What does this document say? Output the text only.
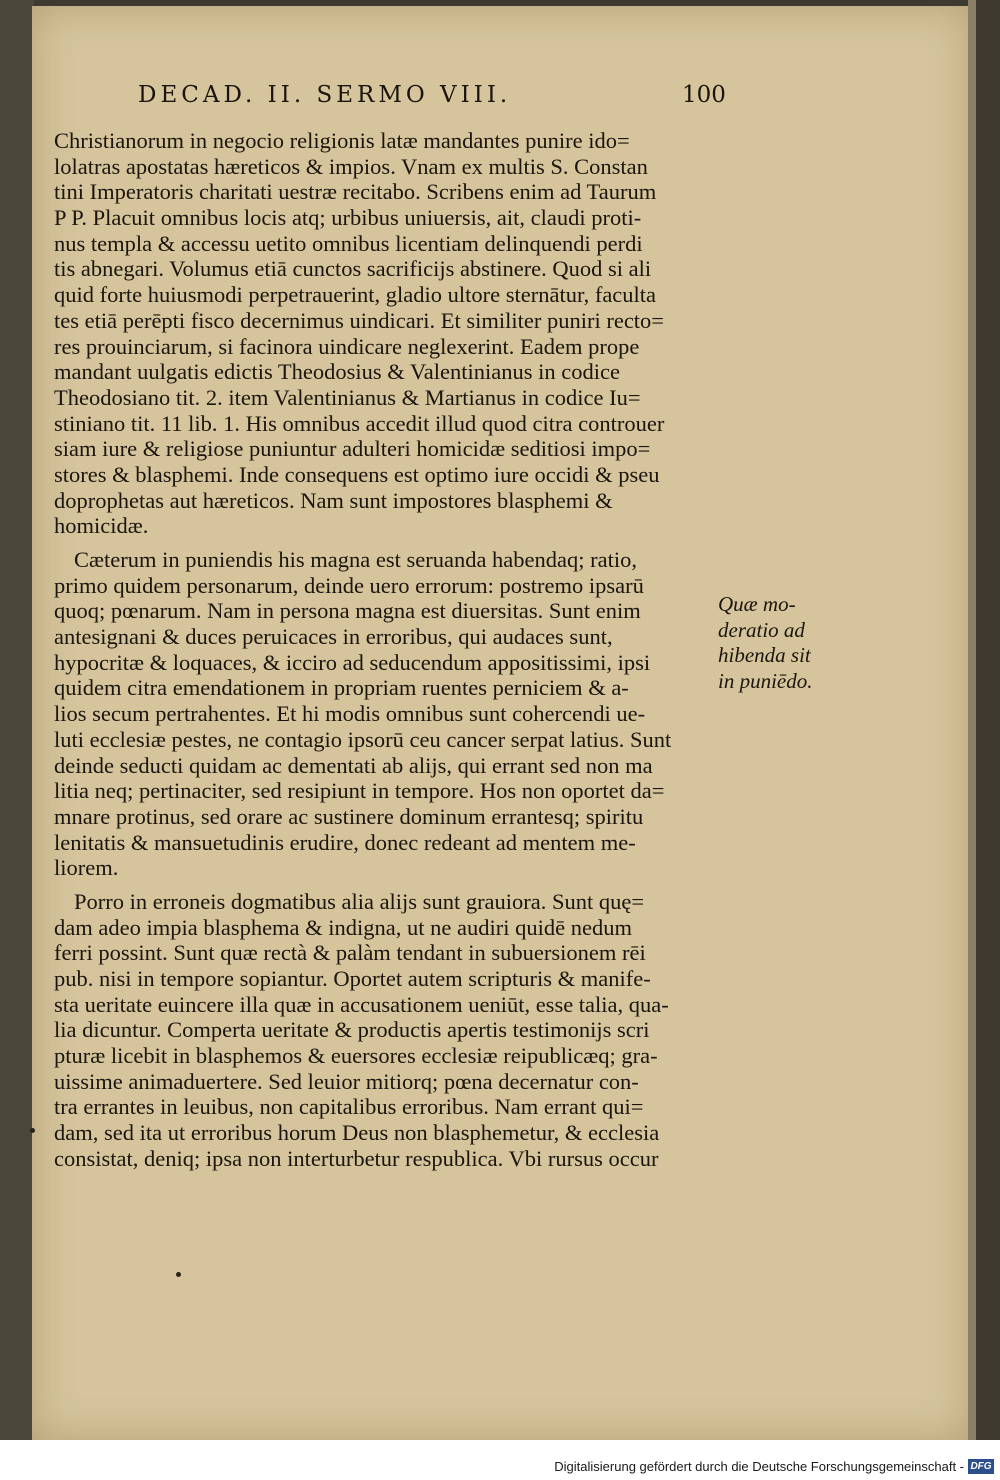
DECAD. II. SERMO VIII.	100
Christianorum in negocio religionis latæ mandantes punire ido=
lolatras apostatas hæreticos & impios. Vnam ex multis S. Constan
tini Imperatoris charitati uestræ recitabo. Scribens enim ad Taurum
P P. Placuit omnibus locis atq; urbibus uniuersis, ait, claudi proti-
nus templa & accessu uetito omnibus licentiam delinquendi perdi
tis abnegari. Volumus etiā cunctos sacrificijs abstinere. Quod si ali
quid forte huiusmodi perpetrauerint, gladio ultore sternātur, faculta
tes etiā perēpti fisco decernimus uindicari. Et similiter puniri recto=
res prouinciarum, si facinora uindicare neglexerint. Eadem prope
mandant uulgatis edictis Theodosius & Valentinianus in codice
Theodosiano tit. 2. item Valentinianus & Martianus in codice Iu=
stiniano tit. 11 lib. 1. His omnibus accedit illud quod citra controuer
siam iure & religiose puniuntur adulteri homicidæ seditiosi impo=
stores & blasphemi. Inde consequens est optimo iure occidi & pseu
doprophetas aut hæreticos. Nam sunt impostores blasphemi &
homicidæ.
Cæterum in puniendis his magna est seruanda habendaq; ratio,
primo quidem personarum, deinde uero errorum: postremo ipsarū
quoq; pœnarum. Nam in persona magna est diuersitas. Sunt enim
antesignani & duces peruicaces in erroribus, qui audaces sunt,
hypocritæ & loquaces, & icciro ad seducendum appositissimi, ipsi
quidem citra emendationem in propriam ruentes perniciem & a-
lios secum pertrahentes. Et hi modis omnibus sunt cohercendi ue-
luti ecclesiæ pestes, ne contagio ipsorū ceu cancer serpat latius. Sunt
deinde seducti quidam ac dementati ab alijs, qui errant sed non ma
litia neq; pertinaciter, sed resipiunt in tempore. Hos non oportet da=
mnare protinus, sed orare ac sustinere dominum errantesq; spiritu
lenitatis & mansuetudinis erudire, donec redeant ad mentem me-
liorem.
Porro in erroneis dogmatibus alia alijs sunt grauiora. Sunt quę=
dam adeo impia blasphema & indigna, ut ne audiri quidē nedum
ferri possint. Sunt quæ rectà & palàm tendant in subuersionem rēi
pub. nisi in tempore sopiantur. Oportet autem scripturis & manife-
sta ueritate euincere illa quæ in accusationem ueniūt, esse talia, qua-
lia dicuntur. Comperta ueritate & productis apertis testimonijs scri
pturæ licebit in blasphemos & euersores ecclesiæ reipublicæq; gra-
uissime animaduertere. Sed leuior mitiorq; pœna decernatur con-
tra errantes in leuibus, non capitalibus erroribus. Nam errant qui=
dam, sed ita ut erroribus horum Deus non blasphemetur, & ecclesia
consistat, deniq; ipsa non interturbetur respublica. Vbi rursus occur
Quæ mo-
deratio ad
hibenda sit
in puniēdo.
Digitalisierung gefördert durch die Deutsche Forschungsgemeinschaft - DFG
